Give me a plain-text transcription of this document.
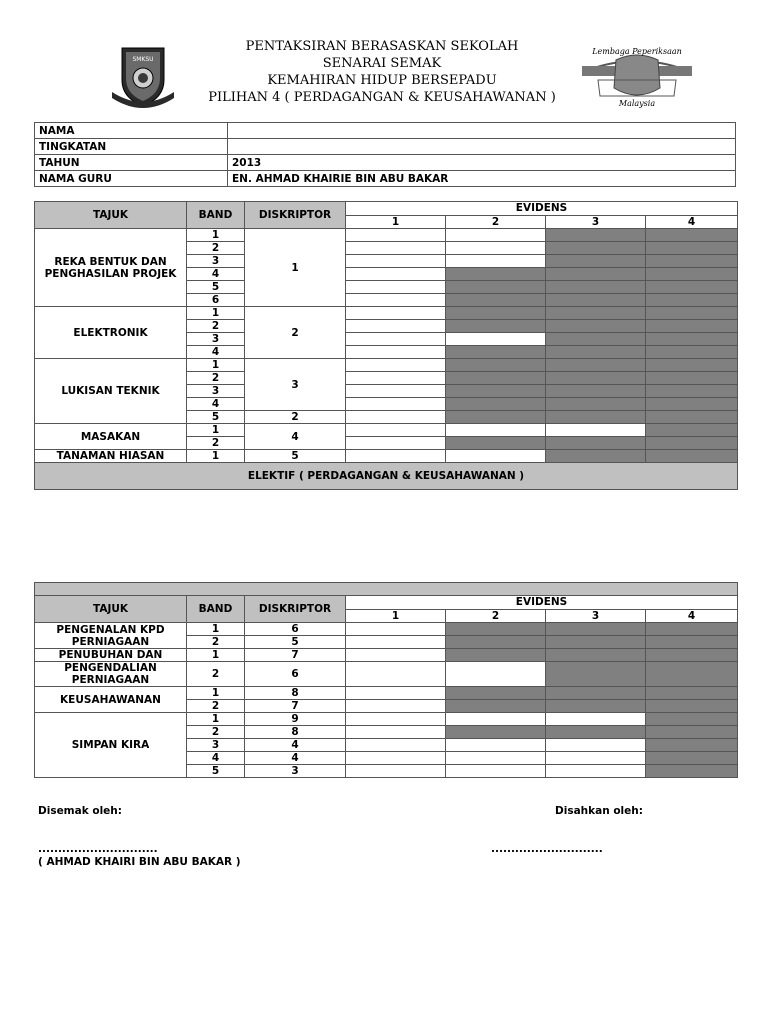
PENTAKSIRAN BERASASKAN SEKOLAH
SENARAI SEMAK
KEMAHIRAN HIDUP BERSEPADU
PILIHAN 4 ( PERDAGANGAN & KEUSAHAWANAN )
SMKSU
Lembaga Peperiksaan
Malaysia
NAMA	
TINGKATAN	
TAHUN	2013
NAMA GURU	EN. AHMAD KHAIRIE BIN ABU BAKAR
TAJUK	BAND	DISKRIPTOR	EVIDENS			
			1	2	3	4
REKA BENTUK DAN PENGHASILAN PROJEK	1	1				
	2					
	3					
	4					
	5					
	6					
ELEKTRONIK	1	2				
	2					
	3					
	4					
LUKISAN TEKNIK	1	3				
	2					
	3					
	4					
	5	2				
MASAKAN	1	4				
	2					
TANAMAN HIASAN	1	5				
ELEKTIF ( PERDAGANGAN & KEUSAHAWANAN )						

TAJUK	BAND	DISKRIPTOR	EVIDENS			
			1	2	3	4
PENGENALAN KPD PERNIAGAAN	1	6				
	2	5				
PENUBUHAN DAN	1	7				
PENGENDALIAN PERNIAGAAN	2	6				
KEUSAHAWANAN	1	8				
	2	7				
SIMPAN KIRA	1	9				
	2	8				
	3	4				
	4	4				
	5	3				
Disemak oleh:	Disahkan oleh:
..............................	............................
( AHMAD KHAIRI BIN ABU BAKAR )
